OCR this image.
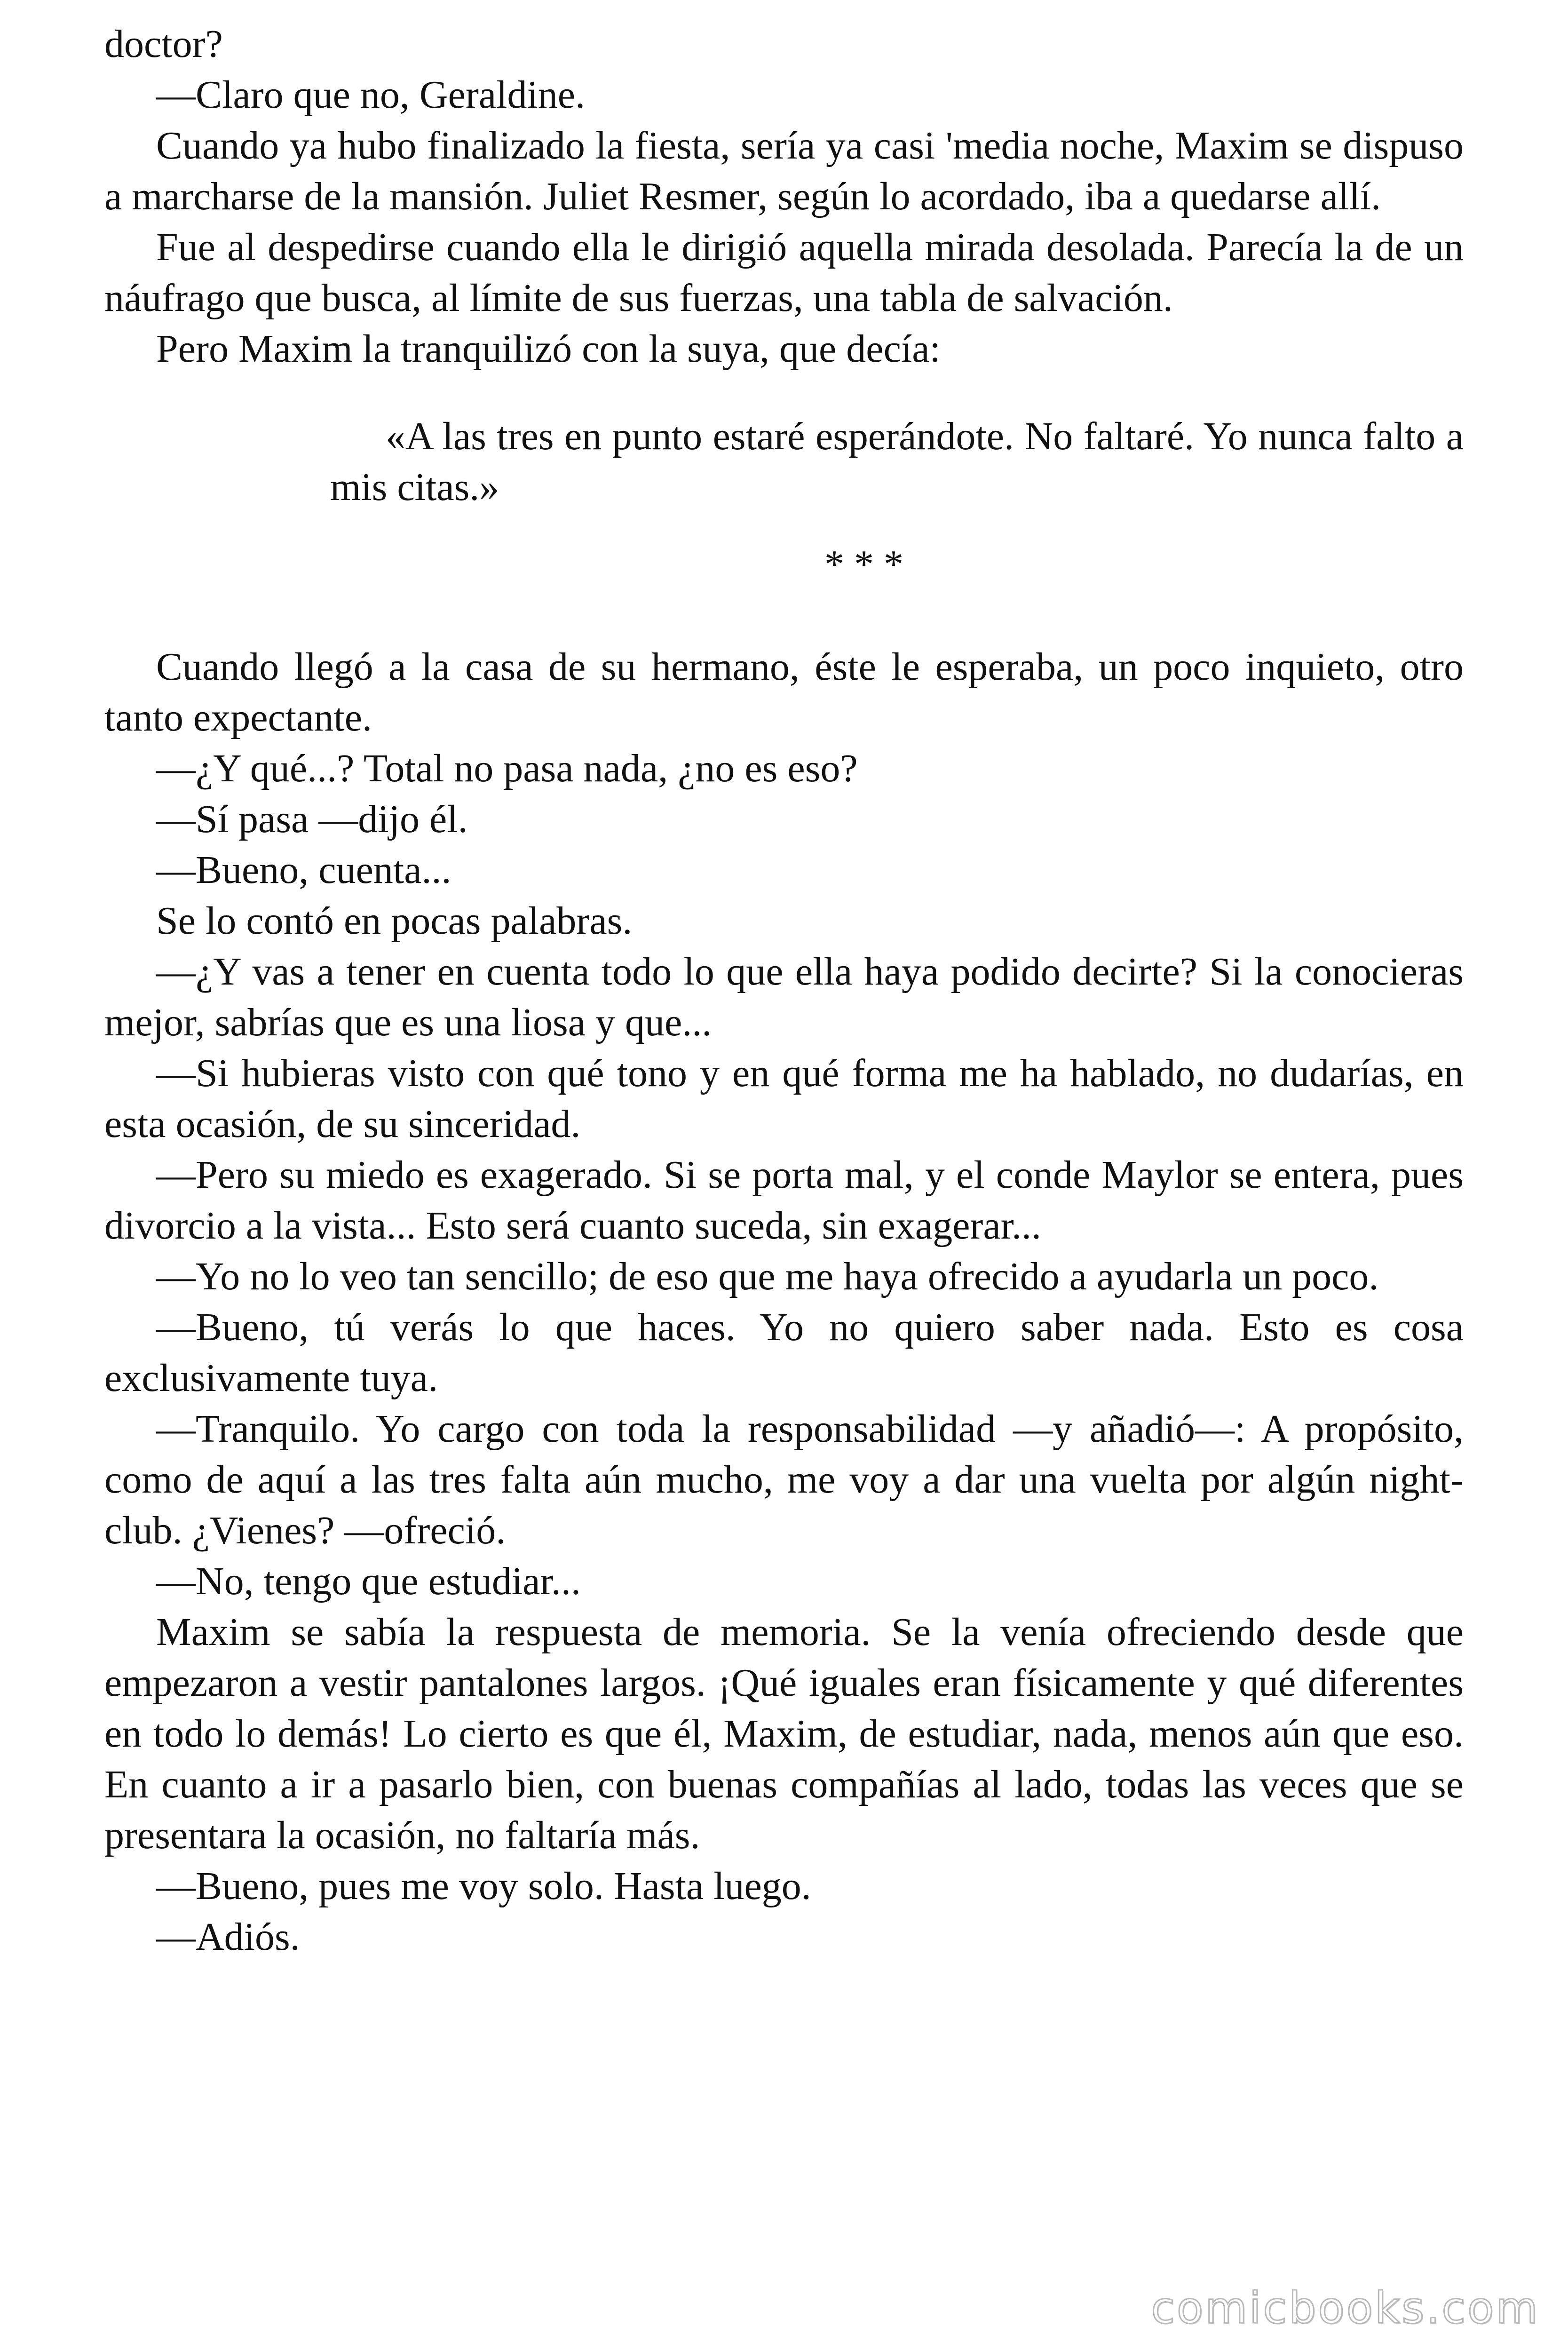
doctor?

—Claro que no, Geraldine.

Cuando ya hubo finalizado la fiesta, sería ya casi 'media noche, Maxim se dispuso a marcharse de la mansión. Juliet Resmer, según lo acordado, iba a quedarse allí.

Fue al despedirse cuando ella le dirigió aquella mirada desolada. Parecía la de un náufrago que busca, al límite de sus fuerzas, una tabla de salvación.

Pero Maxim la tranquilizó con la suya, que decía:

«A las tres en punto estaré esperándote. No faltaré. Yo nunca falto a mis citas.»

* * *

Cuando llegó a la casa de su hermano, éste le esperaba, un poco inquieto, otro tanto expectante.

—¿Y qué...? Total no pasa nada, ¿no es eso?

—Sí pasa —dijo él.

—Bueno, cuenta...

Se lo contó en pocas palabras.

—¿Y vas a tener en cuenta todo lo que ella haya podido decirte? Si la conocieras mejor, sabrías que es una liosa y que...

—Si hubieras visto con qué tono y en qué forma me ha hablado, no dudarías, en esta ocasión, de su sinceridad.

—Pero su miedo es exagerado. Si se porta mal, y el conde Maylor se entera, pues divorcio a la vista... Esto será cuanto suceda, sin exagerar...

—Yo no lo veo tan sencillo; de eso que me haya ofrecido a ayudarla un poco.

—Bueno, tú verás lo que haces. Yo no quiero saber nada. Esto es cosa exclusivamente tuya.

—Tranquilo. Yo cargo con toda la responsabilidad —y añadió—: A propósito, como de aquí a las tres falta aún mucho, me voy a dar una vuelta por algún night- club. ¿Vienes? —ofreció.

—No, tengo que estudiar...

Maxim se sabía la respuesta de memoria. Se la venía ofreciendo desde que empezaron a vestir pantalones largos. ¡Qué iguales eran físicamente y qué diferentes en todo lo demás! Lo cierto es que él, Maxim, de estudiar, nada, menos aún que eso. En cuanto a ir a pasarlo bien, con buenas compañías al lado, todas las veces que se presentara la ocasión, no faltaría más.

—Bueno, pues me voy solo. Hasta luego.

—Adiós.

comicbooks.com
